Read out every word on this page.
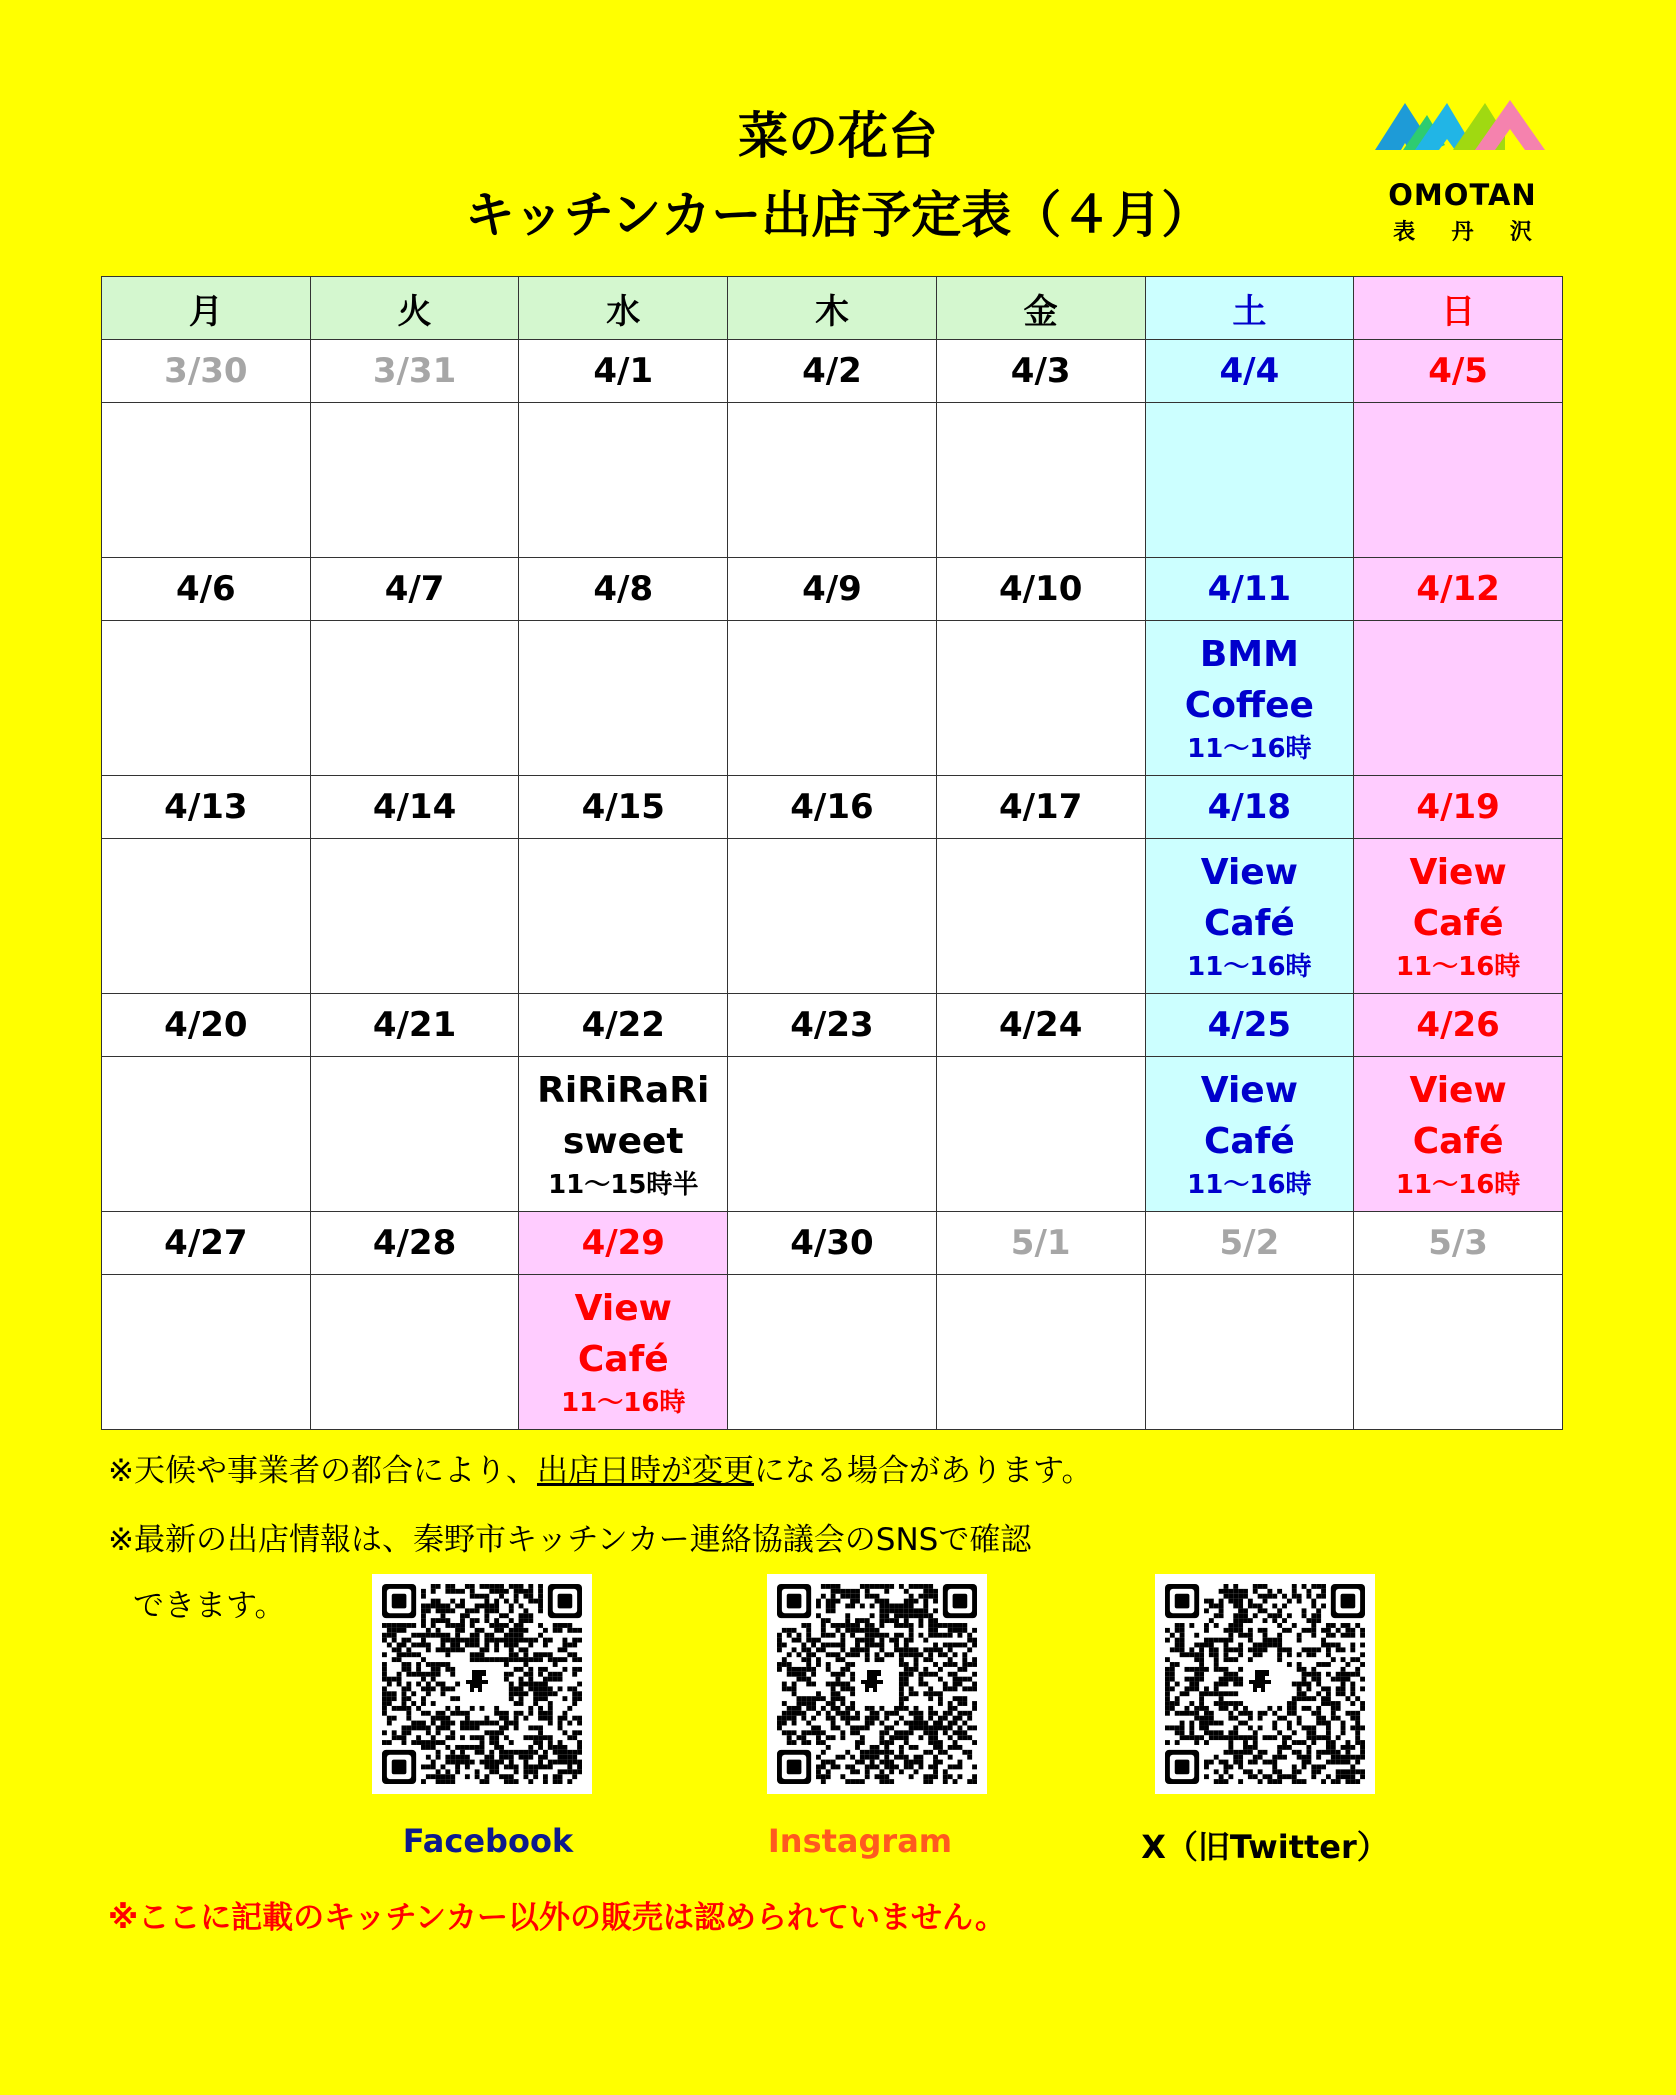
菜の花台
キッチンカー出店予定表（４月）	OMOTAN
表 丹 沢
月	火	水	木	金	土	日
3/30	3/31	4/1	4/2	4/3	4/4	4/5

4/6	4/7	4/8	4/9	4/10	4/11	4/12

					BMM
Coffee
11～16時	

4/13	4/14	4/15	4/16	4/17	4/18	4/19

					View
Café
11～16時	View
Café
11～16時

4/20	4/21	4/22	4/23	4/24	4/25	4/26

		RiRiRaRi
sweet
11～15時半			View
Café
11～16時	View
Café
11～16時

4/27	4/28	4/29	4/30	5/1	5/2	5/3

		View
Café
11～16時				

※天候や事業者の都合により、出店日時が変更になる場合があります。
※最新の出店情報は、秦野市キッチンカー連絡協議会のSNSで確認
できます。
Facebook	Instagram	X（旧Twitter）
※ここに記載のキッチンカー以外の販売は認められていません。
